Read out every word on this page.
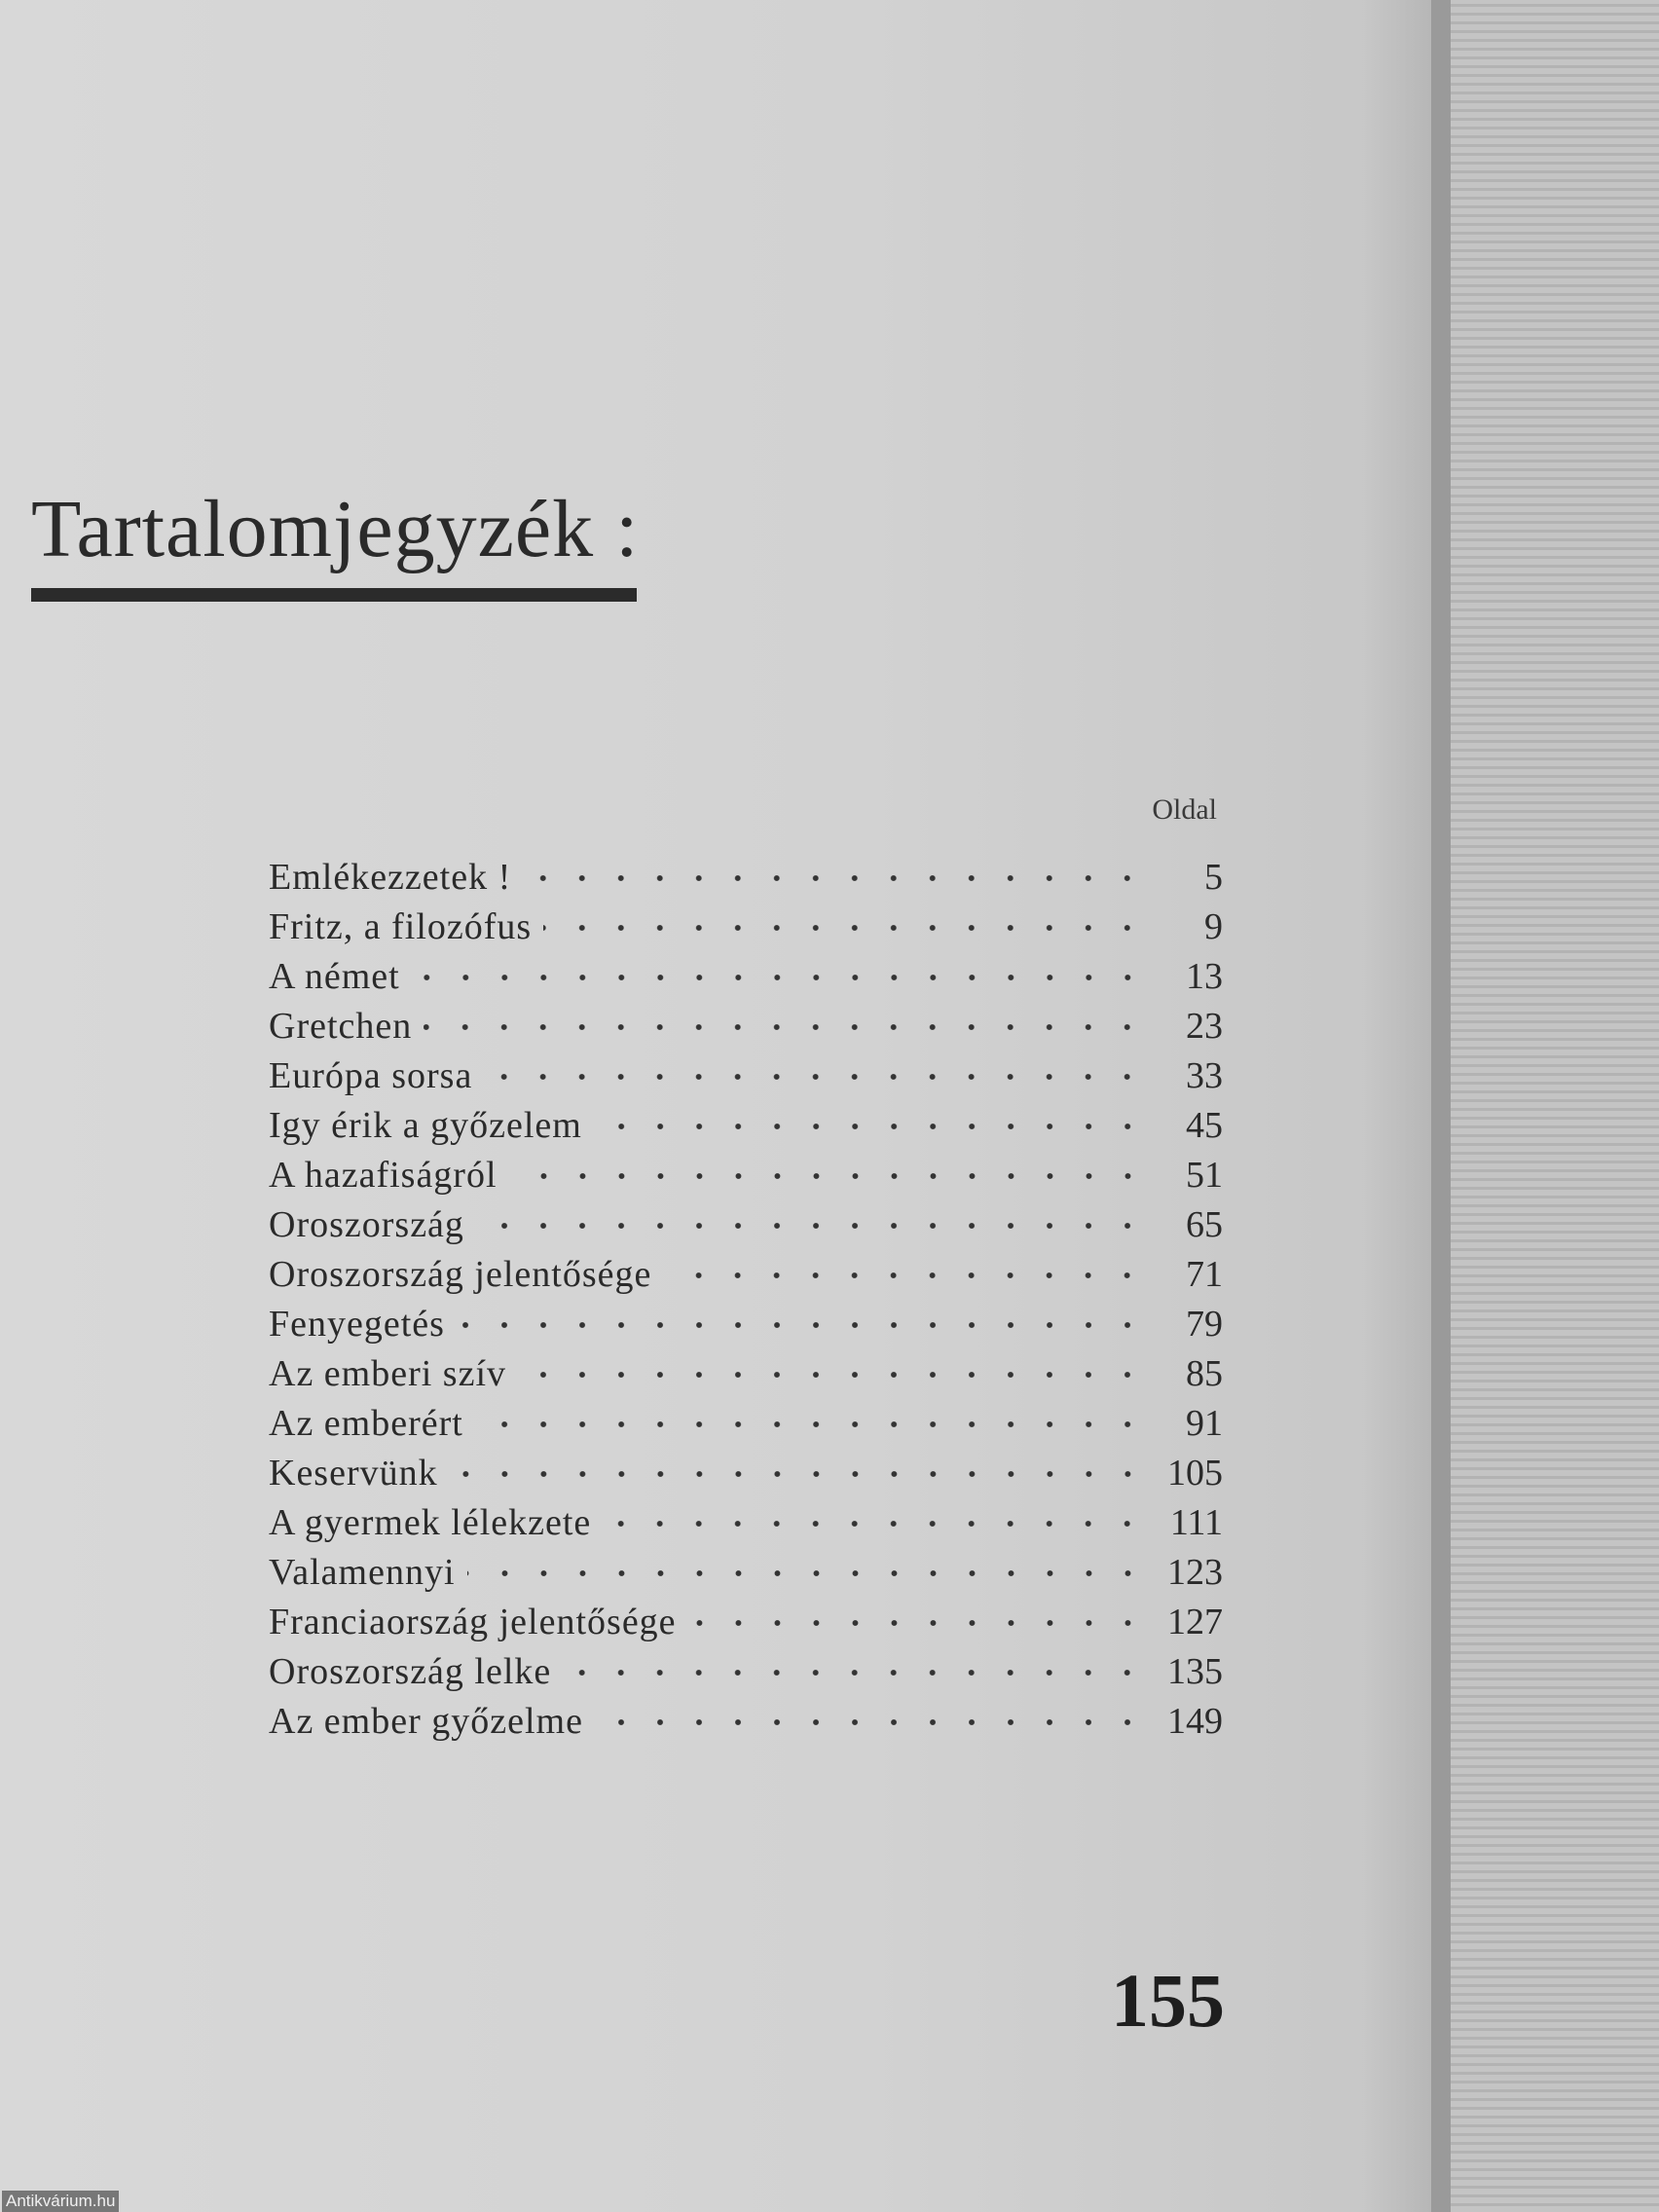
Tartalomjegyzék :
Oldal
Emlékezzetek !	5
Fritz, a filozófus	9
A német	13
Gretchen	23
Európa sorsa	33
Igy érik a győzelem	45
A hazafiságról	51
Oroszország	65
Oroszország jelentősége	71
Fenyegetés	79
Az emberi szív	85
Az emberért	91
Keservünk	105
A gyermek lélekzete	111
Valamennyi	123
Franciaország jelentősége	127
Oroszország lelke	135
Az ember győzelme	149
155
Antikvárium.hu
